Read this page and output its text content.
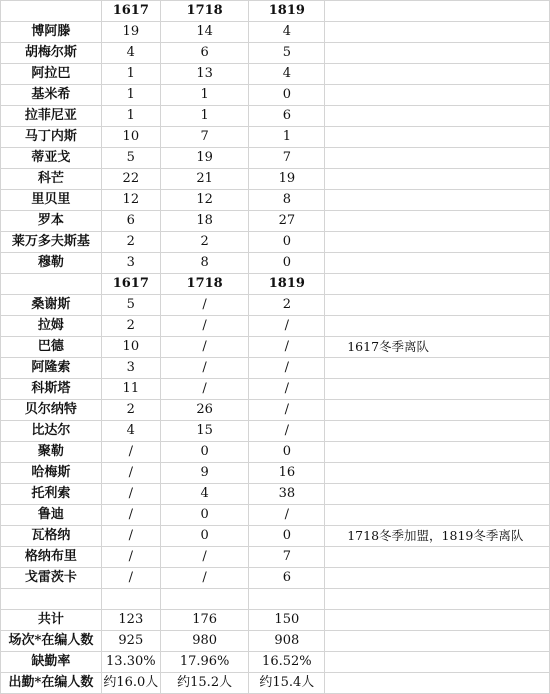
	1617	1718	1819	
博阿滕	19	14	4	
胡梅尔斯	4	6	5	
阿拉巴	1	13	4	
基米希	1	1	0	
拉菲尼亚	1	1	6	
马丁内斯	10	7	1	
蒂亚戈	5	19	7	
科芒	22	21	19	
里贝里	12	12	8	
罗本	6	18	27	
莱万多夫斯基	2	2	0	
穆勒	3	8	0	
	1617	1718	1819	
桑谢斯	5	/	2	
拉姆	2	/	/	
巴德	10	/	/	1617冬季离队
阿隆索	3	/	/	
科斯塔	11	/	/	
贝尔纳特	2	26	/	
比达尔	4	15	/	
聚勒	/	0	0	
哈梅斯	/	9	16	
托利索	/	4	38	
鲁迪	/	0	/	
瓦格纳	/	0	0	1718冬季加盟，1819冬季离队
格纳布里	/	/	7	
戈雷茨卡	/	/	6	

共计	123	176	150	
场次*在编人数	925	980	908	
缺勤率	13.30%	17.96%	16.52%	
出勤*在编人数	约16.0人	约15.2人	约15.4人	
